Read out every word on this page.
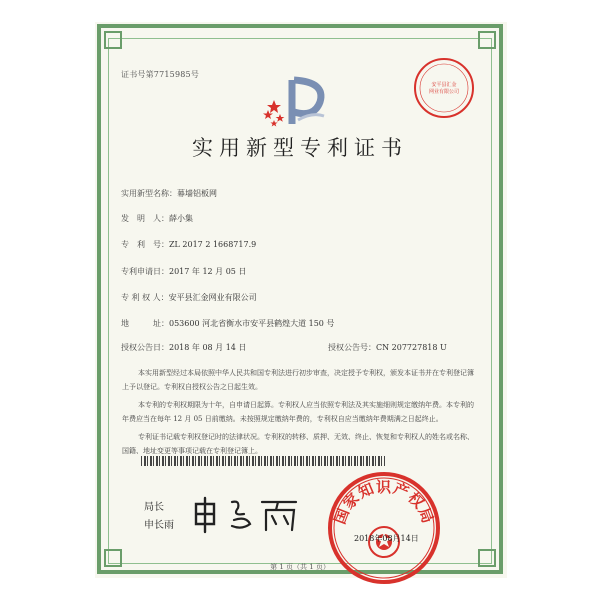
证书号第7715985号
安平县汇金
网业有限公司
实用新型专利证书
实用新型名称：幕墙铝板网
发　明　人：薛小集
专　利　号：ZL 2017 2 1668717.9
专利申请日：2017 年 12 月 05 日
专 利 权 人：安平县汇金网业有限公司
地　　　址：053600 河北省衡水市安平县鹤煌大道 150 号
授权公告日：2018 年 08 月 14 日	授权公告号：CN 207727818 U

本实用新型经过本局依照中华人民共和国专利法进行初步审查，决定授予专利权，颁发本证书并在专利登记簿上予以登记。专利权自授权公告之日起生效。

本专利的专利权期限为十年，自申请日起算。专利权人应当依照专利法及其实施细则规定缴纳年费。本专利的年费应当在每年 12 月 05 日前缴纳。未按照规定缴纳年费的，专利权自应当缴纳年费期满之日起终止。

专利证书记载专利权登记时的法律状况。专利权的转移、质押、无效、终止、恢复和专利权人的姓名或名称、国籍、地址变更等事项记载在专利登记簿上。

局长
申长雨	国家知识产权局
2018年08月14日
第 1 页（共 1 页）
